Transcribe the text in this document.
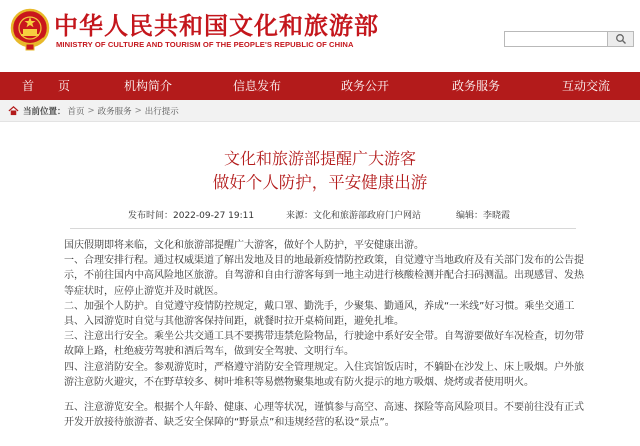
中华人民共和国文化和旅游部
MINISTRY OF CULTURE AND TOURISM OF THE PEOPLE'S REPUBLIC OF CHINA
首　　页	机构简介	信息发布	政务公开	政务服务	互动交流
当前位置： 首页 > 政务服务 > 出行提示
文化和旅游部提醒广大游客
做好个人防护，平安健康出游
发布时间：2022-09-27 19:11	来源：文化和旅游部政府门户网站	编辑：李晓霞

国庆假期即将来临，文化和旅游部提醒广大游客，做好个人防护，平安健康出游。

一、合理安排行程。通过权威渠道了解出发地及目的地最新疫情防控政策，自觉遵守当地政府及有关部门发布的公告提示，不前往国内中高风险地区旅游。自驾游和自由行游客每到一地主动进行核酸检测并配合扫码测温。出现感冒、发热等症状时，应停止游览并及时就医。

二、加强个人防护。自觉遵守疫情防控规定，戴口罩、勤洗手，少聚集、勤通风，养成“一米线”好习惯。乘坐交通工具、入园游览时自觉与其他游客保持间距，就餐时拉开桌椅间距，避免扎堆。

三、注意出行安全。乘坐公共交通工具不要携带违禁危险物品，行驶途中系好安全带。自驾游要做好车况检查，切勿带故障上路，杜绝疲劳驾驶和酒后驾车，做到安全驾驶、文明行车。

四、注意消防安全。参观游览时，严格遵守消防安全管理规定。入住宾馆饭店时，不躺卧在沙发上、床上吸烟。户外旅游注意防火避灾，不在野草较多、树叶堆积等易燃物聚集地或有防火提示的地方吸烟、烧烤或者使用明火。

五、注意游览安全。根据个人年龄、健康、心理等状况，谨慎参与高空、高速、探险等高风险项目。不要前往没有正式开发开放接待旅游者、缺乏安全保障的“野景点”和违规经营的私设“景点”。
